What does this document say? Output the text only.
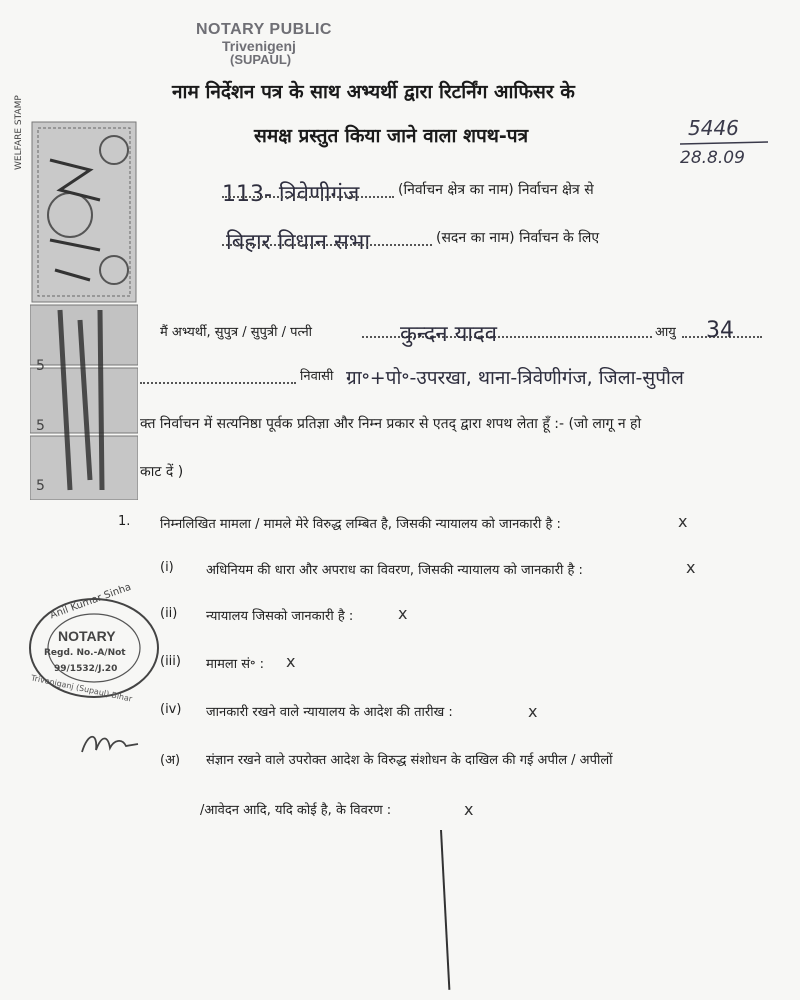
NOTARY PUBLIC
Trivenigenj
(SUPAUL)
नाम निर्देशन पत्र के साथ अभ्यर्थी द्वारा रिटर्निंग आफिसर के
समक्ष प्रस्तुत किया जाने वाला शपथ-पत्र	5446
28.8.09
5
5
5
WELFARE STAMP
113- त्रिवेणीगंज	(निर्वाचन क्षेत्र का नाम) निर्वाचन क्षेत्र से
बिहार विधान सभा	(सदन का नाम) निर्वाचन के लिए
मैं अभ्यर्थी, सुपुत्र / सुपुत्री / पत्नी	कुन्दन यादव	आयु 34
निवासी ग्रा॰+पो॰-उपरखा, थाना-त्रिवेणीगंज, जिला-सुपौल
क्त निर्वाचन में सत्यनिष्ठा पूर्वक प्रतिज्ञा और निम्न प्रकार से एतद् द्वारा शपथ लेता हूँ :- (जो लागू न हो
काट दें )
1. निम्नलिखित मामला / मामले मेरे विरुद्ध लम्बित है, जिसकी न्यायालय को जानकारी है :	x
(i) अधिनियम की धारा और अपराध का विवरण, जिसकी न्यायालय को जानकारी है :	x
(ii) न्यायालय जिसको जानकारी है :	x
(iii) मामला सं॰ : x
(iv) जानकारी रखने वाले न्यायालय के आदेश की तारीख :	x
(अ) संज्ञान रखने वाले उपरोक्त आदेश के विरुद्ध संशोधन के दाखिल की गई अपील / अपीलों
/आवेदन आदि, यदि कोई है, के विवरण :	x
Anil Kumar Sinha
NOTARY
Regd. No.-A/Not
99/1532/J.20
Triveniganj (Supaul) Bihar
